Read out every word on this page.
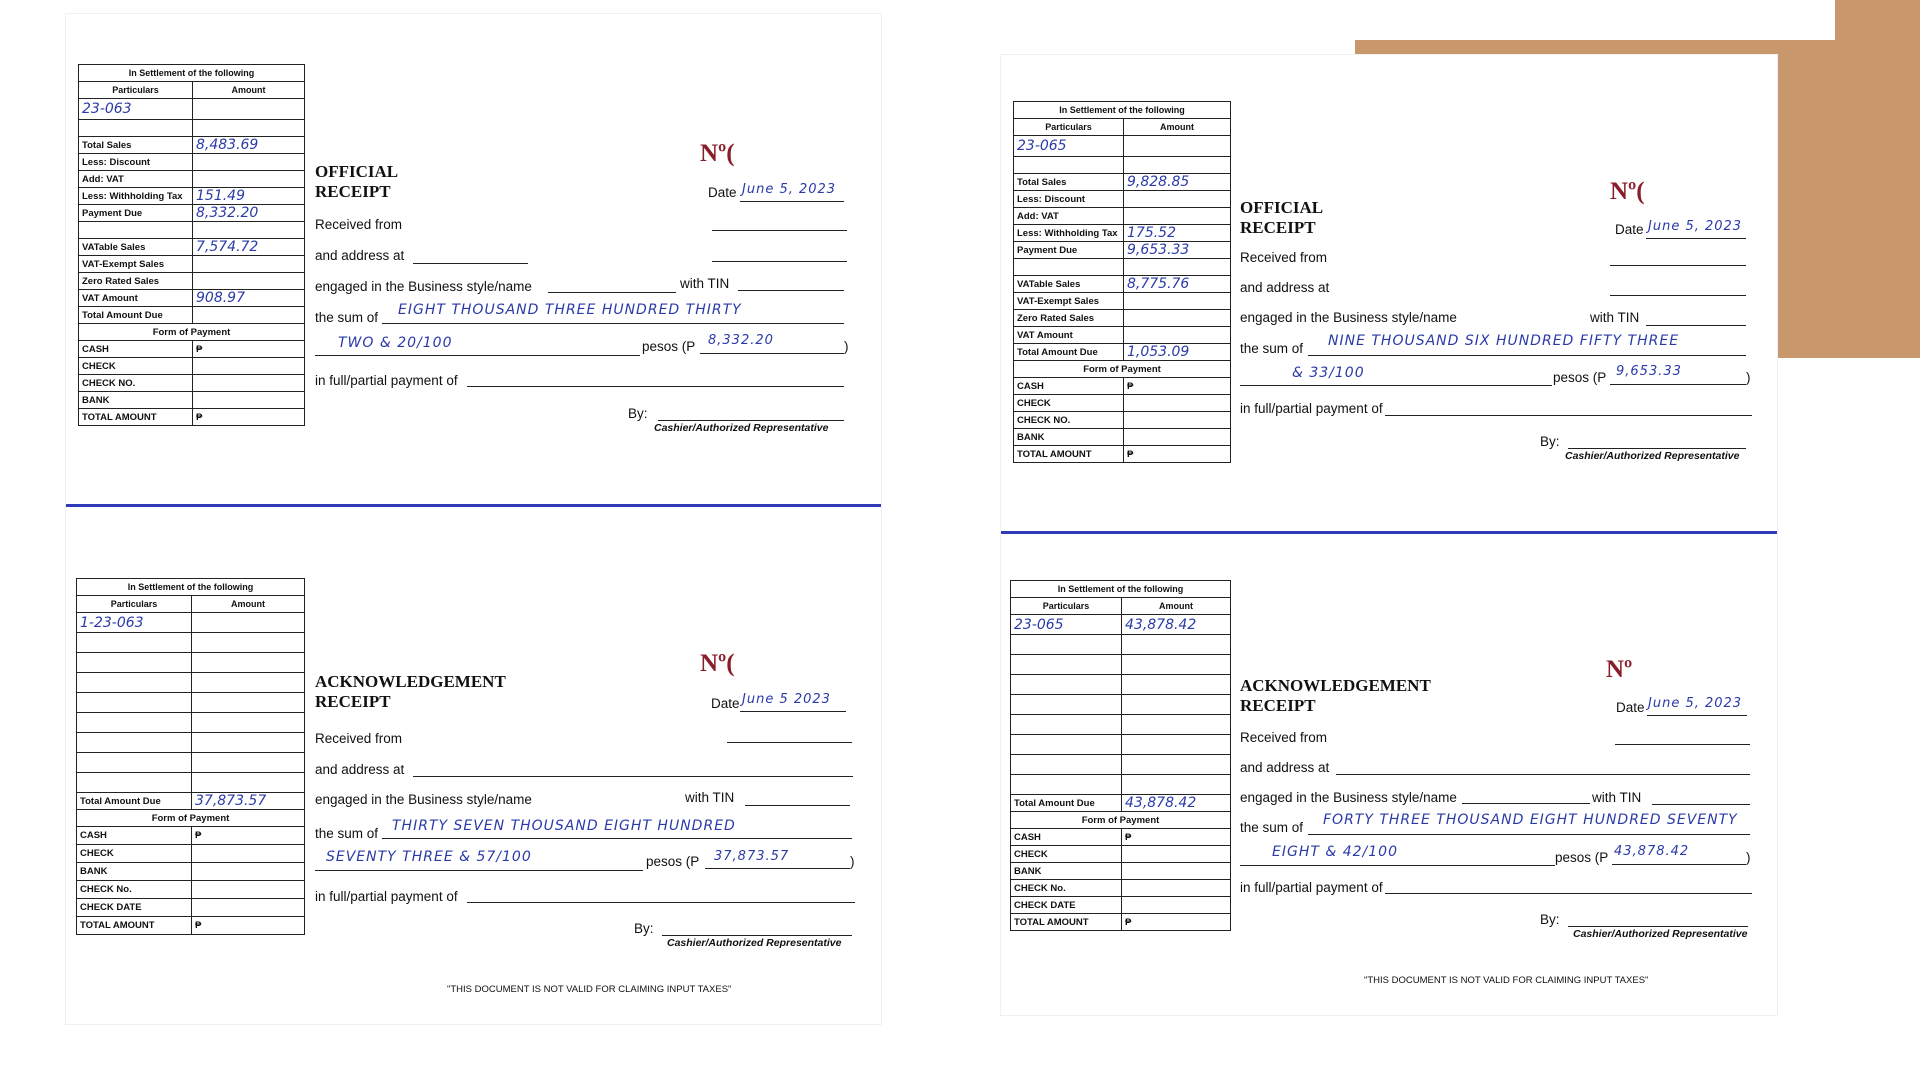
In Settlement of the following	
Particulars	Amount
23-063	

Total Sales	8,483.69
Less: Discount	
Add: VAT	
Less: Withholding Tax	151.49
Payment Due	8,332.20

VATable Sales	7,574.72
VAT-Exempt Sales	
Zero Rated Sales	
VAT Amount	908.97
Total Amount Due	
Form of Payment	
CASH	₱
CHECK	
CHECK NO.	
BANK	
TOTAL AMOUNT	₱
OFFICIAL RECEIPT
Nº(
Date June 5, 2023
Received from
and address at
engaged in the Business style/name	with TIN
the sum of EIGHT THOUSAND THREE HUNDRED THIRTY
TWO & 20/100	pesos (P 8,332.20	)
in full/partial payment of
By:
Cashier/Authorized Representative
In Settlement of the following	
Particulars	Amount
23-065	

Total Sales	9,828.85
Less: Discount	
Add: VAT	
Less: Withholding Tax	175.52
Payment Due	9,653.33

VATable Sales	8,775.76
VAT-Exempt Sales	
Zero Rated Sales	
VAT Amount	
Total Amount Due	1,053.09
Form of Payment	
CASH	₱
CHECK	
CHECK NO.	
BANK	
TOTAL AMOUNT	₱
OFFICIAL RECEIPT
Nº(
Date June 5, 2023
Received from
and address at
engaged in the Business style/name	with TIN
the sum of NINE THOUSAND SIX HUNDRED FIFTY THREE
& 33/100	pesos (P 9,653.33	)
in full/partial payment of
By:
Cashier/Authorized Representative
In Settlement of the following	
Particulars	Amount
1-23-063	

Total Amount Due	37,873.57
Form of Payment	
CASH	₱
CHECK	
BANK	
CHECK No.	
CHECK DATE	
TOTAL AMOUNT	₱
ACKNOWLEDGEMENT RECEIPT
Nº(
Date June 5 2023
Received from
and address at
engaged in the Business style/name	with TIN
the sum of THIRTY SEVEN THOUSAND EIGHT HUNDRED
SEVENTY THREE & 57/100	pesos (P 37,873.57	)
in full/partial payment of
By:
Cashier/Authorized Representative
"THIS DOCUMENT IS NOT VALID FOR CLAIMING INPUT TAXES"
In Settlement of the following	
Particulars	Amount
23-065	43,878.42

Total Amount Due	43,878.42
Form of Payment	
CASH	₱
CHECK	
BANK	
CHECK No.	
CHECK DATE	
TOTAL AMOUNT	₱
ACKNOWLEDGEMENT RECEIPT
Nº
Date June 5, 2023
Received from
and address at
engaged in the Business style/name	with TIN
the sum of FORTY THREE THOUSAND EIGHT HUNDRED SEVENTY
EIGHT & 42/100	pesos (P 43,878.42	)
in full/partial payment of
By:
Cashier/Authorized Representative
"THIS DOCUMENT IS NOT VALID FOR CLAIMING INPUT TAXES"
